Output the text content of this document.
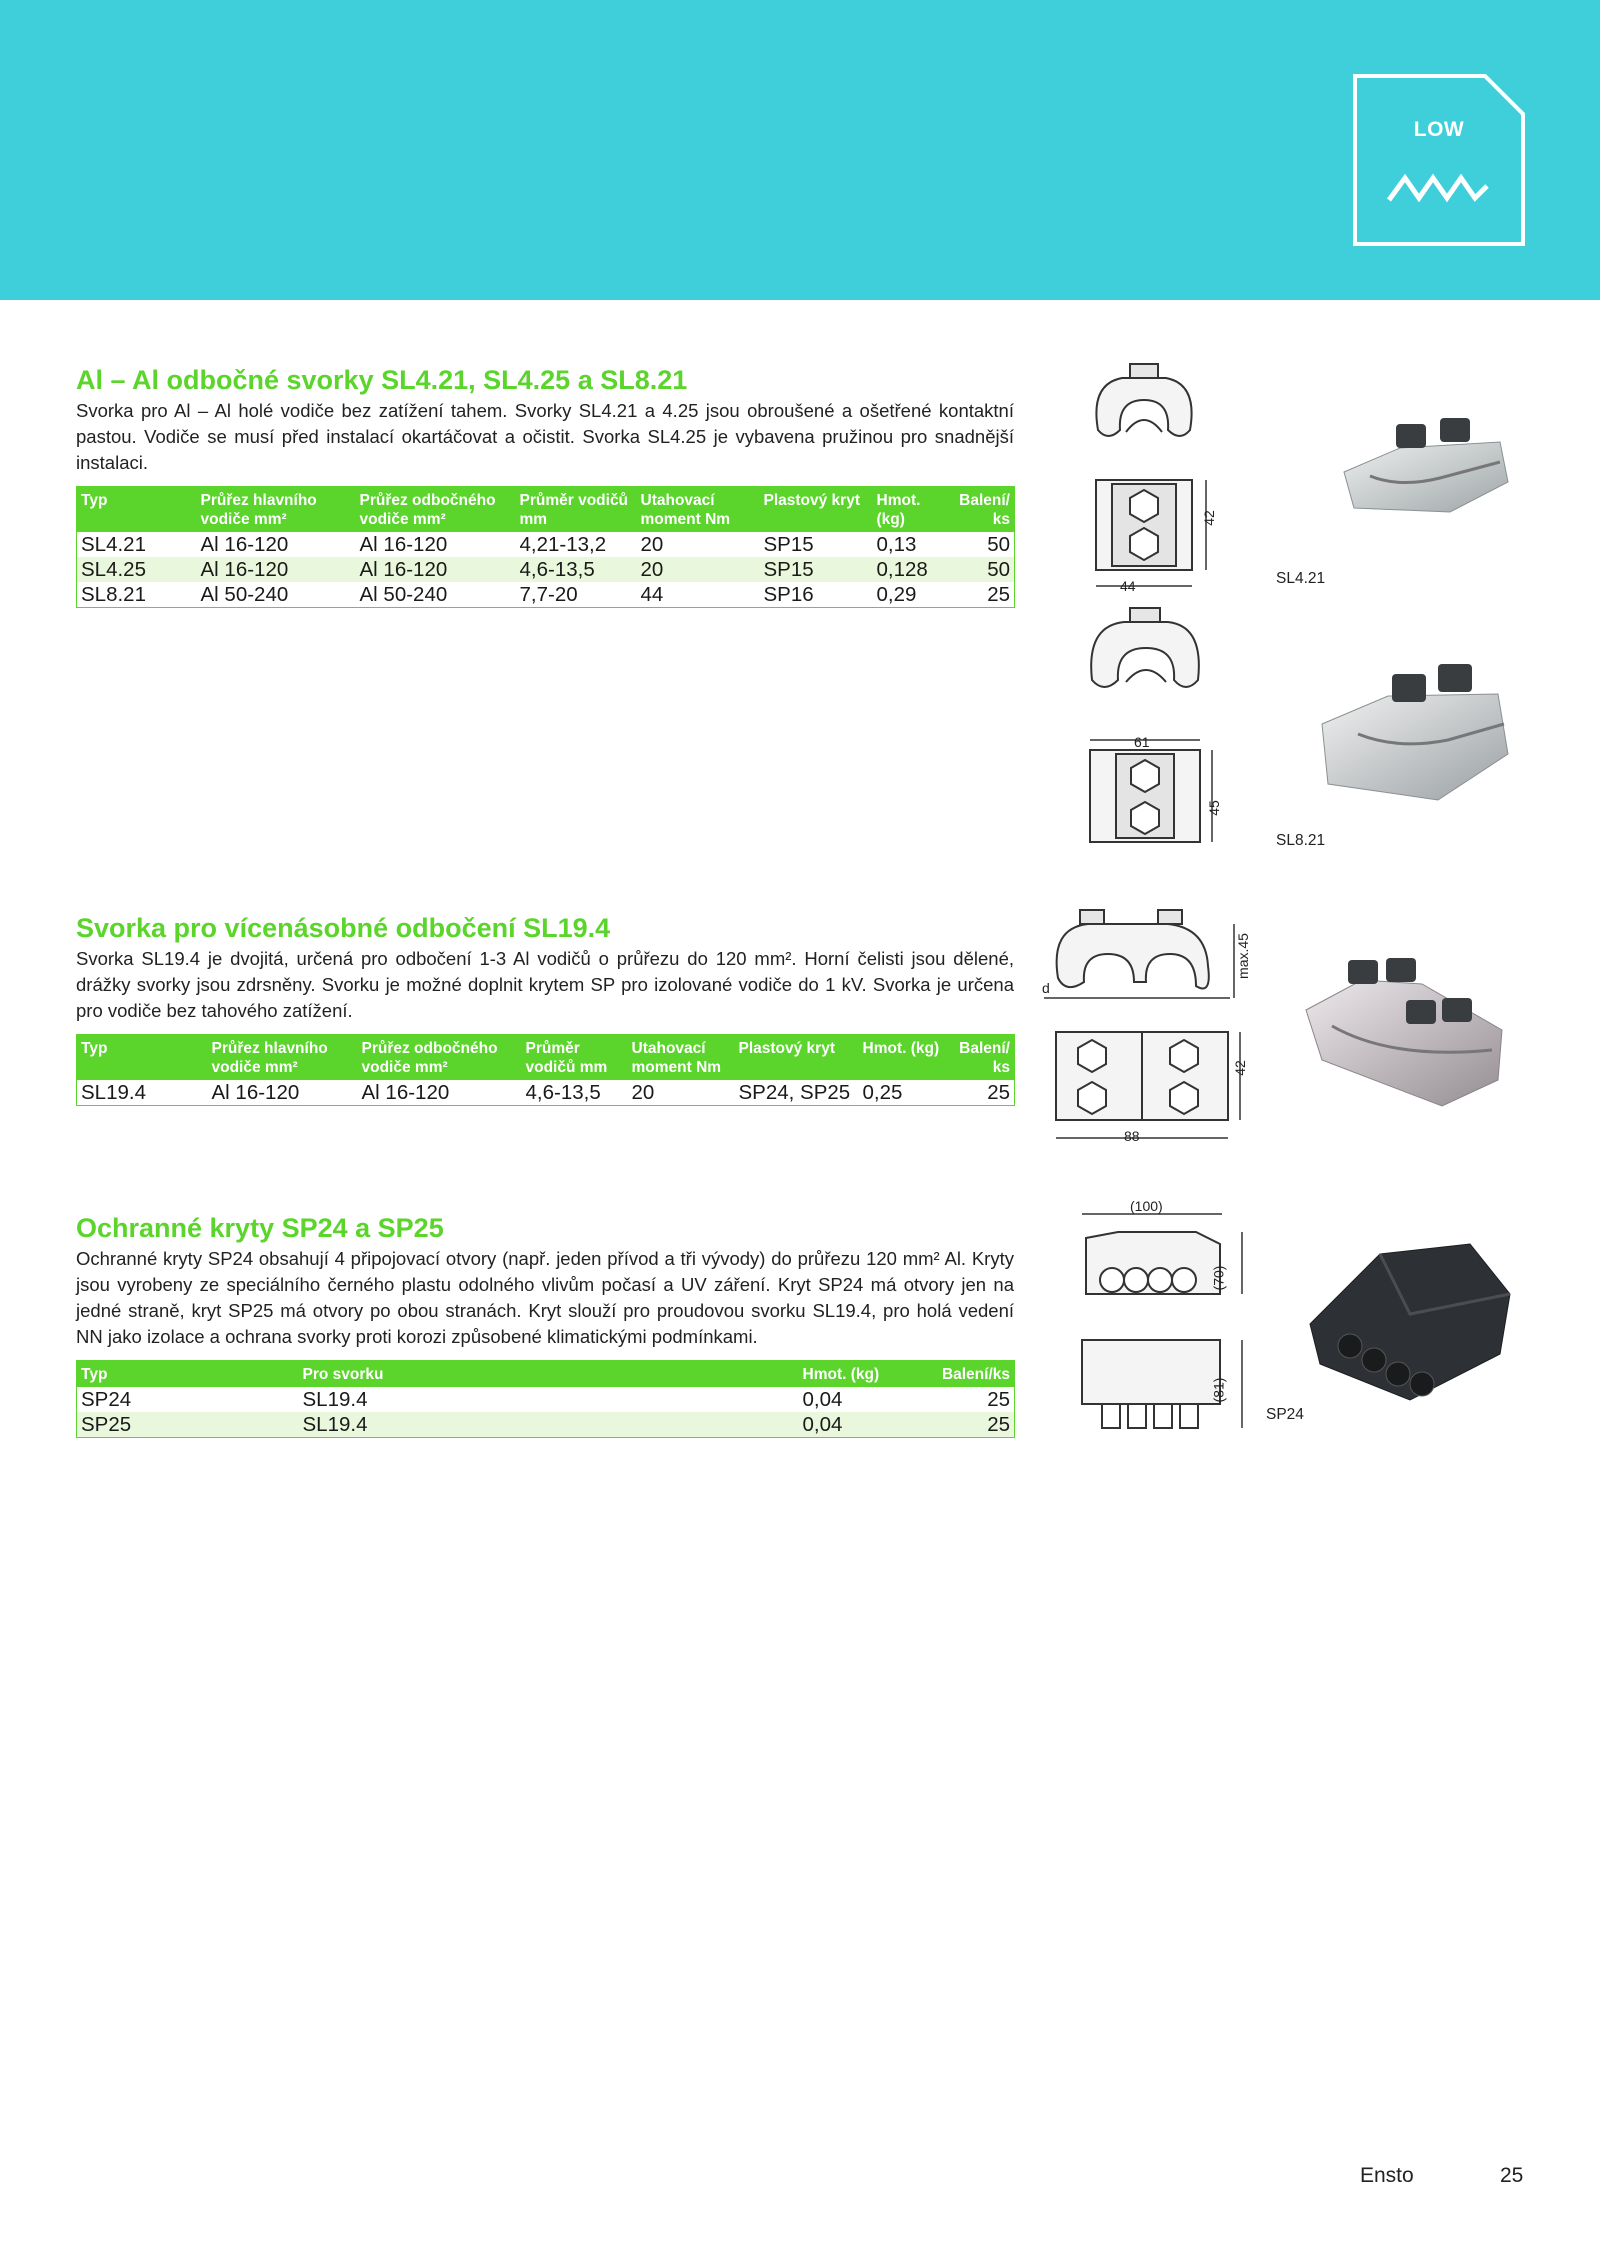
LOW
Al – Al odbočné svorky SL4.21, SL4.25 a SL8.21

Svorka pro Al – Al holé vodiče bez zatížení tahem. Svorky SL4.21 a 4.25 jsou obroušené a ošetřené kontaktní pastou. Vodiče se musí před instalací okartáčovat a očistit. Svorka SL4.25 je vybavena pružinou pro snadnější instalaci.

Typ	Průřez hlavního vodiče mm²	Průřez odbočného vodiče mm²	Průměr vodičů mm	Utahovací moment Nm	Plastový kryt	Hmot. (kg)	Balení/ ks
SL4.21	Al 16-120	Al 16-120	4,21-13,2	20	SP15	0,13	50
SL4.25	Al 16-120	Al 16-120	4,6-13,5	20	SP15	0,128	50
SL8.21	Al 50-240	Al 50-240	7,7-20	44	SP16	0,29	25
Svorka pro vícenásobné odbočení SL19.4

Svorka SL19.4 je dvojitá, určená pro odbočení 1-3 Al vodičů o průřezu do 120 mm². Horní čelisti jsou dělené, drážky svorky jsou zdrsněny. Svorku je možné doplnit krytem SP pro izolované vodiče do 1 kV. Svorka je určena pro vodiče bez tahového zatížení.

Typ	Průřez hlavního vodiče mm²	Průřez odbočného vodiče mm²	Průměr vodičů mm	Utahovací moment Nm	Plastový kryt	Hmot. (kg)	Balení/ ks
SL19.4	Al 16-120	Al 16-120	4,6-13,5	20	SP24, SP25	0,25	25
Ochranné kryty SP24 a SP25

Ochranné kryty SP24 obsahují 4 připojovací otvory (např. jeden přívod a tři vývody) do průřezu 120 mm² Al. Kryty jsou vyrobeny ze speciálního černého plastu odolného vlivům počasí a UV záření. Kryt SP24 má otvory jen na jedné straně, kryt SP25 má otvory po obou stranách. Kryt slouží pro proudovou svorku SL19.4, pro holá vedení NN jako izolace a ochrana svorky proti korozi způsobené klimatickými podmínkami.

Typ	Pro svorku	Hmot. (kg)	Balení/ks
SP24	SL19.4	0,04	25
SP25	SL19.4	0,04	25
44
42
SL4.21
61
45
SL8.21
d
max.45
42
88
(100)
(70)
(81)
SP24
Ensto	25
